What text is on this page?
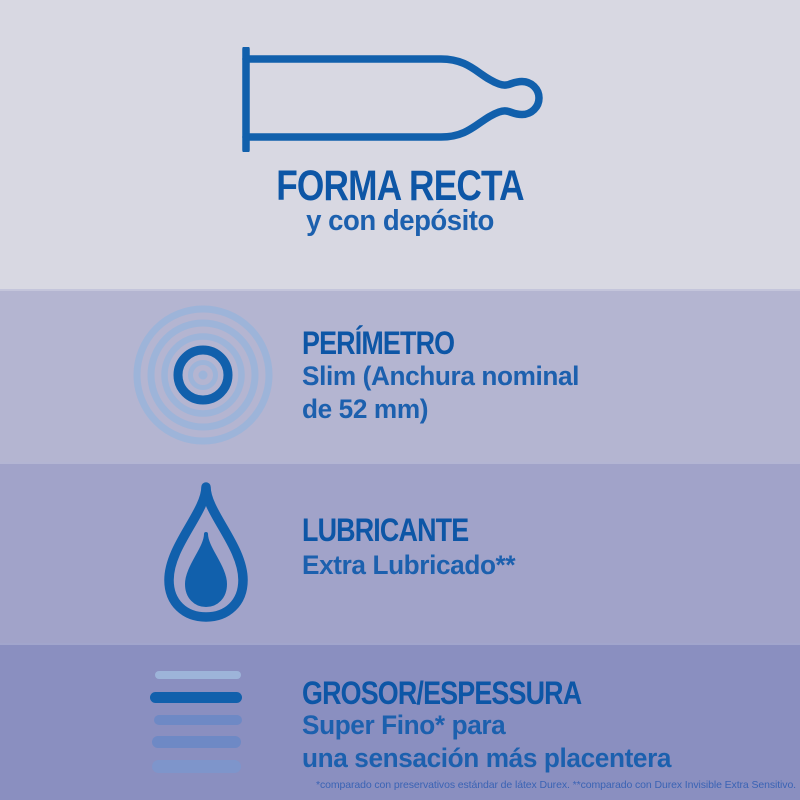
FORMA RECTA
y con depósito
PERÍMETRO
Slim (Anchura nominal
de 52 mm)
LUBRICANTE
Extra Lubricado**
GROSOR/ESPESSURA
Super Fino* para
una sensación más placentera
*comparado con preservativos estándar de látex Durex. **comparado con Durex Invisible Extra Sensitivo.
